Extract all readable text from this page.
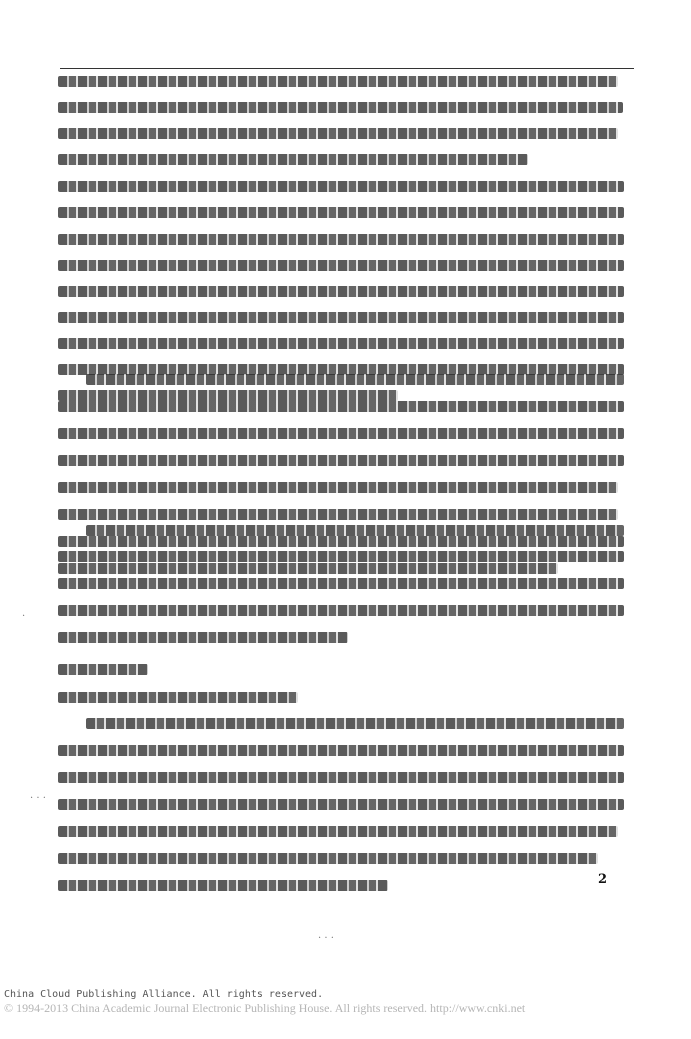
.
. . .
2
. . .
China Cloud Publishing Alliance. All rights reserved.
© 1994-2013 China Academic Journal Electronic Publishing House. All rights reserved. http://www.cnki.net
